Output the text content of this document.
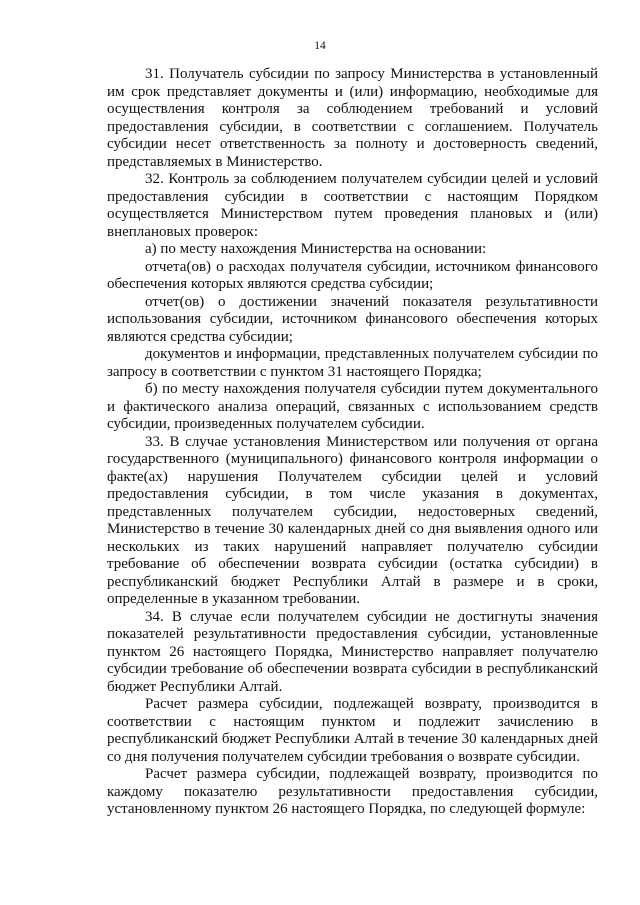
14

31. Получатель субсидии по запросу Министерства в установленный им срок представляет документы и (или) информацию, необходимые для осуществления контроля за соблюдением требований и условий предоставления субсидии, в соответствии с соглашением. Получатель субсидии несет ответственность за полноту и достоверность сведений, представляемых в Министерство.

32. Контроль за соблюдением получателем субсидии целей и условий предоставления субсидии в соответствии с настоящим Порядком осуществляется Министерством путем проведения плановых и (или) внеплановых проверок:

а) по месту нахождения Министерства на основании:

отчета(ов) о расходах получателя субсидии, источником финансового обеспечения которых являются средства субсидии;

отчет(ов) о достижении значений показателя результативности использования субсидии, источником финансового обеспечения которых являются средства субсидии;

документов и информации, представленных получателем субсидии по запросу в соответствии с пунктом 31 настоящего Порядка;

б) по месту нахождения получателя субсидии путем документального и фактического анализа операций, связанных с использованием средств субсидии, произведенных получателем субсидии.

33. В случае установления Министерством или получения от органа государственного (муниципального) финансового контроля информации о факте(ах) нарушения Получателем субсидии целей и условий предоставления субсидии, в том числе указания в документах, представленных получателем субсидии, недостоверных сведений, Министерство в течение 30 календарных дней со дня выявления одного или нескольких из таких нарушений направляет получателю субсидии требование об обеспечении возврата субсидии (остатка субсидии) в республиканский бюджет Республики Алтай в размере и в сроки, определенные в указанном требовании.

34. В случае если получателем субсидии не достигнуты значения показателей результативности предоставления субсидии, установленные пунктом 26 настоящего Порядка, Министерство направляет получателю субсидии требование об обеспечении возврата субсидии в республиканский бюджет Республики Алтай.

Расчет размера субсидии, подлежащей возврату, производится в соответствии с настоящим пунктом и подлежит зачислению в республиканский бюджет Республики Алтай в течение 30 календарных дней со дня получения получателем субсидии требования о возврате субсидии.

Расчет размера субсидии, подлежащей возврату, производится по каждому показателю результативности предоставления субсидии, установленному пунктом 26 настоящего Порядка, по следующей формуле:
